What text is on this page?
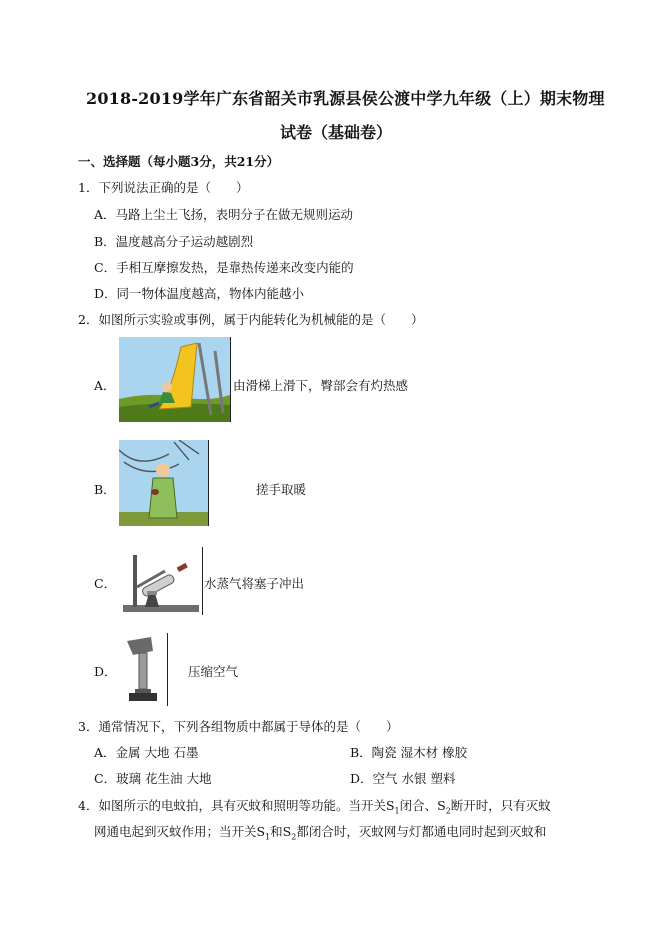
2018-2019学年广东省韶关市乳源县侯公渡中学九年级（上）期末物理
试卷（基础卷）
一、选择题（每小题3分，共21分）
1．下列说法正确的是（　　）
A．马路上尘土飞扬，表明分子在做无规则运动
B．温度越高分子运动越剧烈
C．手相互摩擦发热，是靠热传递来改变内能的
D．同一物体温度越高，物体内能越小
2．如图所示实验或事例，属于内能转化为机械能的是（　　）
A．	由滑梯上滑下，臀部会有灼热感
B．	搓手取暖
C．	水蒸气将塞子冲出
D．	压缩空气
3．通常情况下，下列各组物质中都属于导体的是（　　）
A．金属 大地 石墨	B．陶瓷 湿木材 橡胶
C．玻璃 花生油 大地	D．空气 水银 塑料
4．如图所示的电蚊拍，具有灭蚊和照明等功能。当开关$S_1$闭合、$S_2$断开时，只有灭蚊
网通电起到灭蚊作用；当开关$S_1$和$S_2$都闭合时，灭蚊网与灯都通电同时起到灭蚊和
